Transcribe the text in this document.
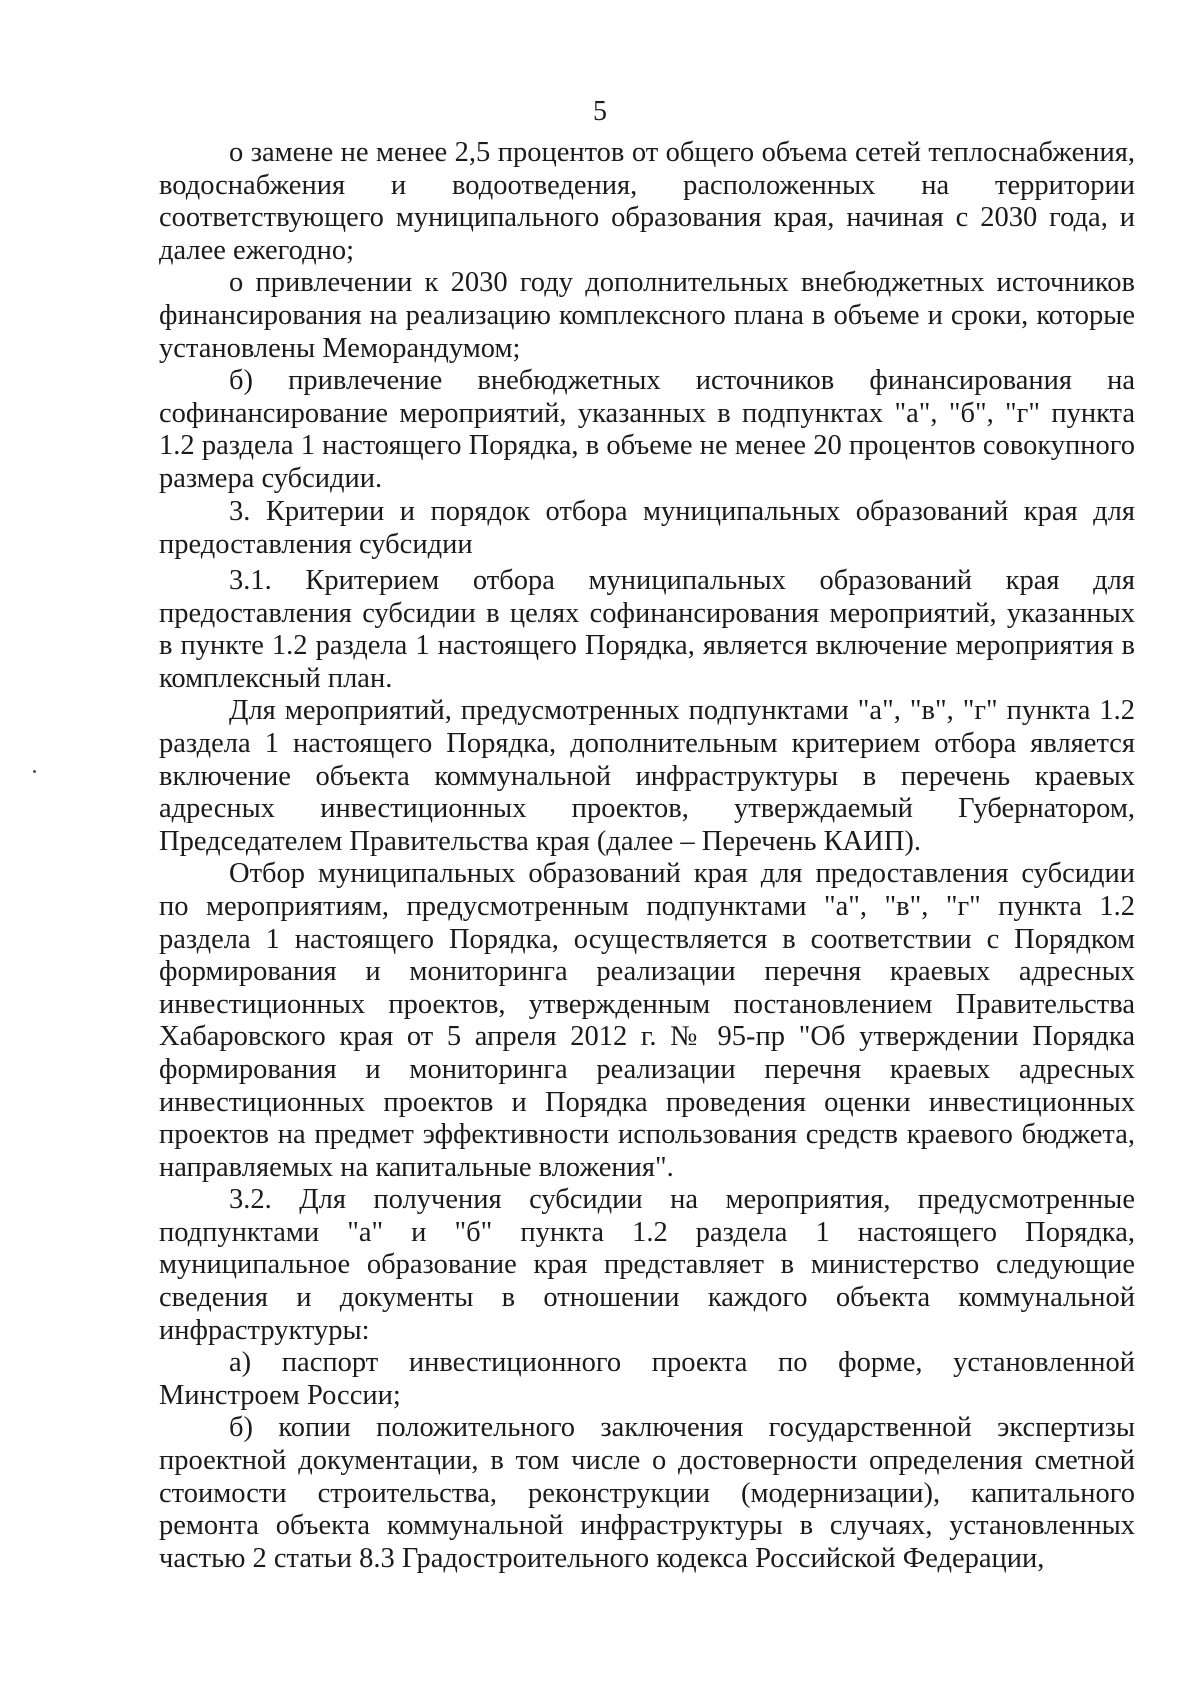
5

о замене не менее 2,5 процентов от общего объема сетей теплоснабжения, водоснабжения и водоотведения, расположенных на территории соответствующего муниципального образования края, начиная с 2030 года, и далее ежегодно;

о привлечении к 2030 году дополнительных внебюджетных источников финансирования на реализацию комплексного плана в объеме и сроки, которые установлены Меморандумом;

б) привлечение внебюджетных источников финансирования на софинансирование мероприятий, указанных в подпунктах "а", "б", "г" пункта 1.2 раздела 1 настоящего Порядка, в объеме не менее 20 процентов совокупного размера субсидии.

3. Критерии и порядок отбора муниципальных образований края для предоставления субсидии

3.1. Критерием отбора муниципальных образований края для предоставления субсидии в целях софинансирования мероприятий, указанных в пункте 1.2 раздела 1 настоящего Порядка, является включение мероприятия в комплексный план.

Для мероприятий, предусмотренных подпунктами "а", "в", "г" пункта 1.2 раздела 1 настоящего Порядка, дополнительным критерием отбора является включение объекта коммунальной инфраструктуры в перечень краевых адресных инвестиционных проектов, утверждаемый Губернатором, Председателем Правительства края (далее – Перечень КАИП).

Отбор муниципальных образований края для предоставления субсидии по мероприятиям, предусмотренным подпунктами "а", "в", "г" пункта 1.2 раздела 1 настоящего Порядка, осуществляется в соответствии с Порядком формирования и мониторинга реализации перечня краевых адресных инвестиционных проектов, утвержденным постановлением Правительства Хабаровского края от 5 апреля 2012 г. № 95-пр "Об утверждении Порядка формирования и мониторинга реализации перечня краевых адресных инвестиционных проектов и Порядка проведения оценки инвестиционных проектов на предмет эффективности использования средств краевого бюджета, направляемых на капитальные вложения".

3.2. Для получения субсидии на мероприятия, предусмотренные подпунктами "а" и "б" пункта 1.2 раздела 1 настоящего Порядка, муниципальное образование края представляет в министерство следующие сведения и документы в отношении каждого объекта коммунальной инфраструктуры:

а) паспорт инвестиционного проекта по форме, установленной Минстроем России;

б) копии положительного заключения государственной экспертизы проектной документации, в том числе о достоверности определения сметной стоимости строительства, реконструкции (модернизации), капитального ремонта объекта коммунальной инфраструктуры в случаях, установленных частью 2 статьи 8.3 Градостроительного кодекса Российской Федерации,
